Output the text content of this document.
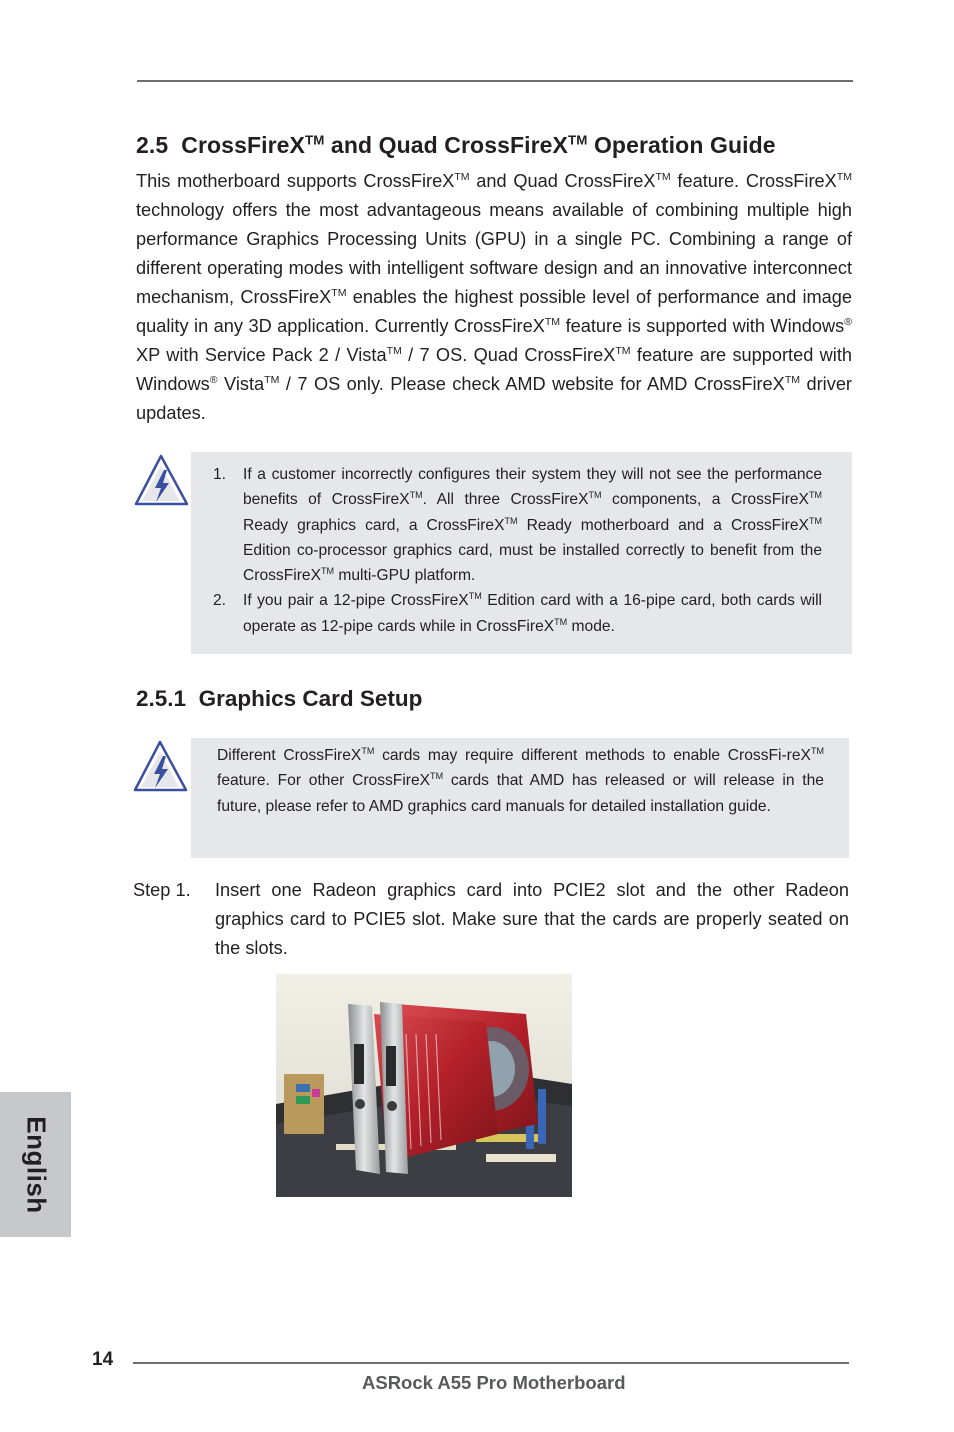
2.5 CrossFireX™ and Quad CrossFireX™ Operation Guide

This motherboard supports CrossFireX™ and Quad CrossFireX™ feature. CrossFireX™ technology offers the most advantageous means available of combining multiple high performance Graphics Processing Units (GPU) in a single PC. Combining a range of different operating modes with intelligent software design and an innovative interconnect mechanism, CrossFireX™ enables the highest possible level of performance and image quality in any 3D application. Currently CrossFireX™ feature is supported with Windows® XP with Service Pack 2 / Vista™ / 7 OS. Quad CrossFireX™ feature are supported with Windows® Vista™ / 7 OS only. Please check AMD website for AMD CrossFireX™ driver updates.

1. If a customer incorrectly configures their system they will not see the performance benefits of CrossFireX™. All three CrossFireX™ components, a CrossFireX™ Ready graphics card, a CrossFireX™ Ready motherboard and a CrossFireX™ Edition co-processor graphics card, must be installed correctly to benefit from the CrossFireX™ multi-GPU platform.
2. If you pair a 12-pipe CrossFireX™ Edition card with a 16-pipe card, both cards will operate as 12-pipe cards while in CrossFireX™ mode.
2.5.1 Graphics Card Setup

Different CrossFireX™ cards may require different methods to enable CrossFi-reX™ feature. For other CrossFireX™ cards that AMD has released or will release in the future, please refer to AMD graphics card manuals for detailed installation guide.

Step 1. Insert one Radeon graphics card into PCIE2 slot and the other Radeon graphics card to PCIE5 slot. Make sure that the cards are properly seated on the slots.

English
14
ASRock A55 Pro Motherboard
